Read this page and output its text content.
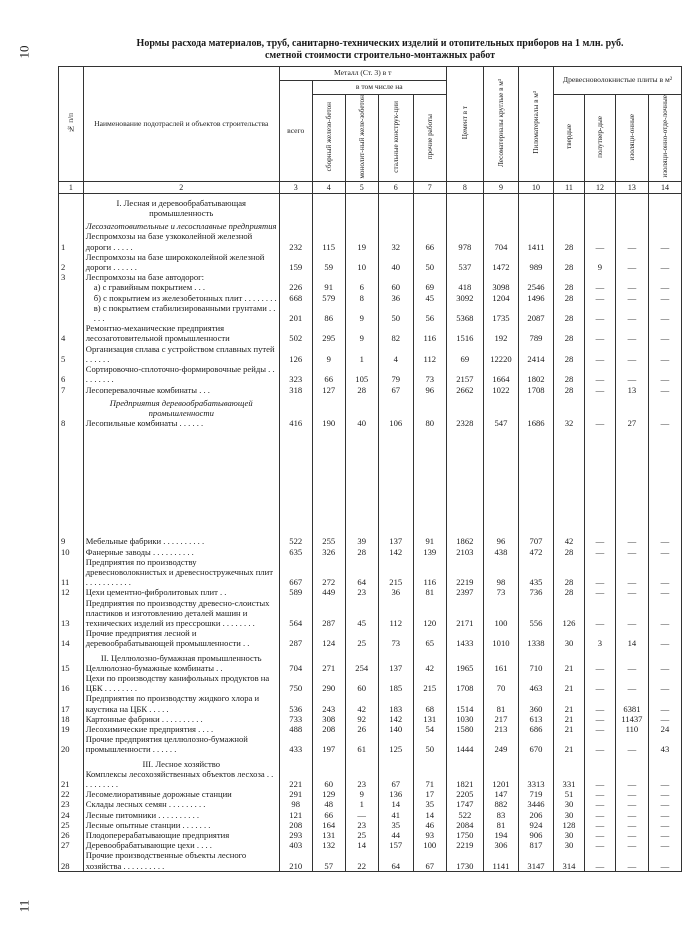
10
11
Нормы расхода материалов, труб, санитарно-технических изделий и отопительных приборов на 1 млн. руб.
сметной стоимости строительно-монтажных работ
№ п/п	Наименование подотраслей и объектов строительства	Металл (Ст. 3) в т					Цемент в т	Лесоматериалы круглые в м³	Пиломатериалы в м³	Древесноволокнистые плиты в м²			
		всего	в том числе на										
			сборный железо-бетон	монолит-ный желе-зобетон	стальные конструк-ции	прочие работы				твердые	полутвер-дые	изоляци-онные	изоляци-онно-отде-лочные
1	2	3	4	5	6	7	8	9	10	11	12	13	14
	I. Лесная и деревообрабатывающая промышленность												
	Лесозаготовительные и лесосплавные предприятия												
1	Леспромхозы на базе узкоколейной железной дороги . . . . .	232	115	19	32	66	978	704	1411	28	—	—	—
2	Леспромхозы на базе ширококолейной железной дороги . . . . . .	159	59	10	40	50	537	1472	989	28	9	—	—
3	Леспромхозы на базе автодорог:												

	а) с гравийным покрытием . . .	226	91	6	60	69	418	3098	2546	28	—	—	—

	б) с покрытием из железобетонных плит . . . . . . . .	668	579	8	36	45	3092	1204	1496	28	—	—	—

	в) с покрытием стабилизированными грунтами . . . . .	201	86	9	50	56	5368	1735	2087	28	—	—	—
4	Ремонтно-механические предприятия лесозаготовительной промышленности	502	295	9	82	116	1516	192	789	28	—	—	—
5	Организация сплава с устройством сплавных путей . . . . . .	126	9	1	4	112	69	12220	2414	28	—	—	—
6	Сортировочно-сплоточно-формировочные рейды . . . . . . . . .	323	66	105	79	73	2157	1664	1802	28	—	—	—
7	Лесоперевалочные комбинаты . . .	318	127	28	67	96	2662	1022	1708	28	—	13	—
	Предприятия деревообрабатывающей промышленности												
8	Лесопильные комбинаты . . . . . .	416	190	40	106	80	2328	547	1686	32	—	27	—

9	Мебельные фабрики . . . . . . . . . .	522	255	39	137	91	1862	96	707	42	—	—	—
10	Фанерные заводы . . . . . . . . . .	635	326	28	142	139	2103	438	472	28	—	—	—
11	Предприятия по производству древесноволокнистых и древесностружечных плит . . . . . . . . . . .	667	272	64	215	116	2219	98	435	28	—	—	—
12	Цехи цементно-фибролитовых плит . .	589	449	23	36	81	2397	73	736	28	—	—	—
13	Предприятия по производству древесно-слоистых пластиков и изготовлению деталей машин и технических изделий из прессрошки . . . . . . . .	564	287	45	112	120	2171	100	556	126	—	—	—
14	Прочие предприятия лесной и деревообрабатывающей промышленности . .	287	124	25	73	65	1433	1010	1338	30	3	14	—
	II. Целлюлозно-бумажная промышленность												
15	Целлюлозно-бумажные комбинаты . .	704	271	254	137	42	1965	161	710	21	—	—	—
16	Цехи по производству канифольных продуктов на ЦБК . . . . . . . .	750	290	60	185	215	1708	70	463	21	—	—	—
17	Предприятия по производству жидкого хлора и каустика на ЦБК . . . . .	536	243	42	183	68	1514	81	360	21	—	6381	—
18	Картонные фабрики . . . . . . . . . .	733	308	92	142	131	1030	217	613	21	—	11437	—
19	Лесохимические предприятия . . . .	488	208	26	140	54	1580	213	686	21	—	110	24
20	Прочие предприятия целлюлозно-бумажной промышленности . . . . . .	433	197	61	125	50	1444	249	670	21	—	—	43
	III. Лесное хозяйство												
21	Комплексы лесохозяйственных объектов лесхоза . . . . . . . . . .	221	60	23	67	71	1821	1201	3313	331	—	—	—
22	Лесомелиоративные дорожные станции	291	129	9	136	17	2205	147	719	51	—	—	—
23	Склады лесных семян . . . . . . . . .	98	48	1	14	35	1747	882	3446	30	—	—	—
24	Лесные питомники . . . . . . . . . .	121	66	—	41	14	522	83	206	30	—	—	—
25	Лесные опытные станции . . . . . . .	208	164	23	35	46	2084	81	924	128	—	—	—
26	Плодоперерабатывающие предприятия	293	131	25	44	93	1750	194	906	30	—	—	—
27	Деревообрабатывающие цехи . . . .	403	132	14	157	100	2219	306	817	30	—	—	—
28	Прочие производственные объекты лесного хозяйства . . . . . . . . . .	210	57	22	64	67	1730	1141	3147	314	—	—	—
